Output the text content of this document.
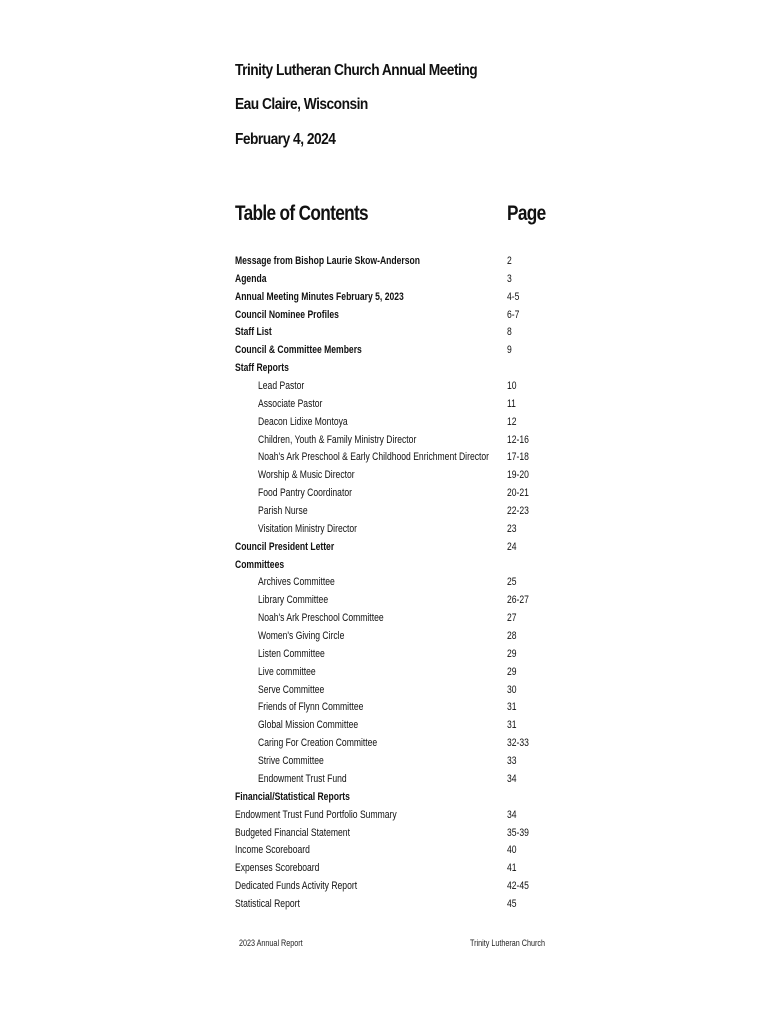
Trinity Lutheran Church Annual Meeting
Eau Claire, Wisconsin
February 4, 2024
Table of Contents	Page
Message from Bishop Laurie Skow-Anderson	2
Agenda	3
Annual Meeting Minutes February 5, 2023	4-5
Council Nominee Profiles	6-7
Staff List	8
Council & Committee Members	9
Staff Reports
Lead Pastor	10
Associate Pastor	11
Deacon Lidixe Montoya	12
Children, Youth & Family Ministry Director	12-16
Noah's Ark Preschool & Early Childhood Enrichment Director 17-18
Worship & Music Director	19-20
Food Pantry Coordinator	20-21
Parish Nurse	22-23
Visitation Ministry Director	23
Council President Letter	24
Committees
Archives Committee	25
Library Committee	26-27
Noah's Ark Preschool Committee	27
Women's Giving Circle	28
Listen Committee	29
Live committee	29
Serve Committee	30
Friends of Flynn Committee	31
Global Mission Committee	31
Caring For Creation Committee	32-33
Strive Committee	33
Endowment Trust Fund	34
Financial/Statistical Reports
Endowment Trust Fund Portfolio Summary	34
Budgeted Financial Statement	35-39
Income Scoreboard	40
Expenses Scoreboard	41
Dedicated Funds Activity Report	42-45
Statistical Report	45
2023 Annual Report	Trinity Lutheran Church
